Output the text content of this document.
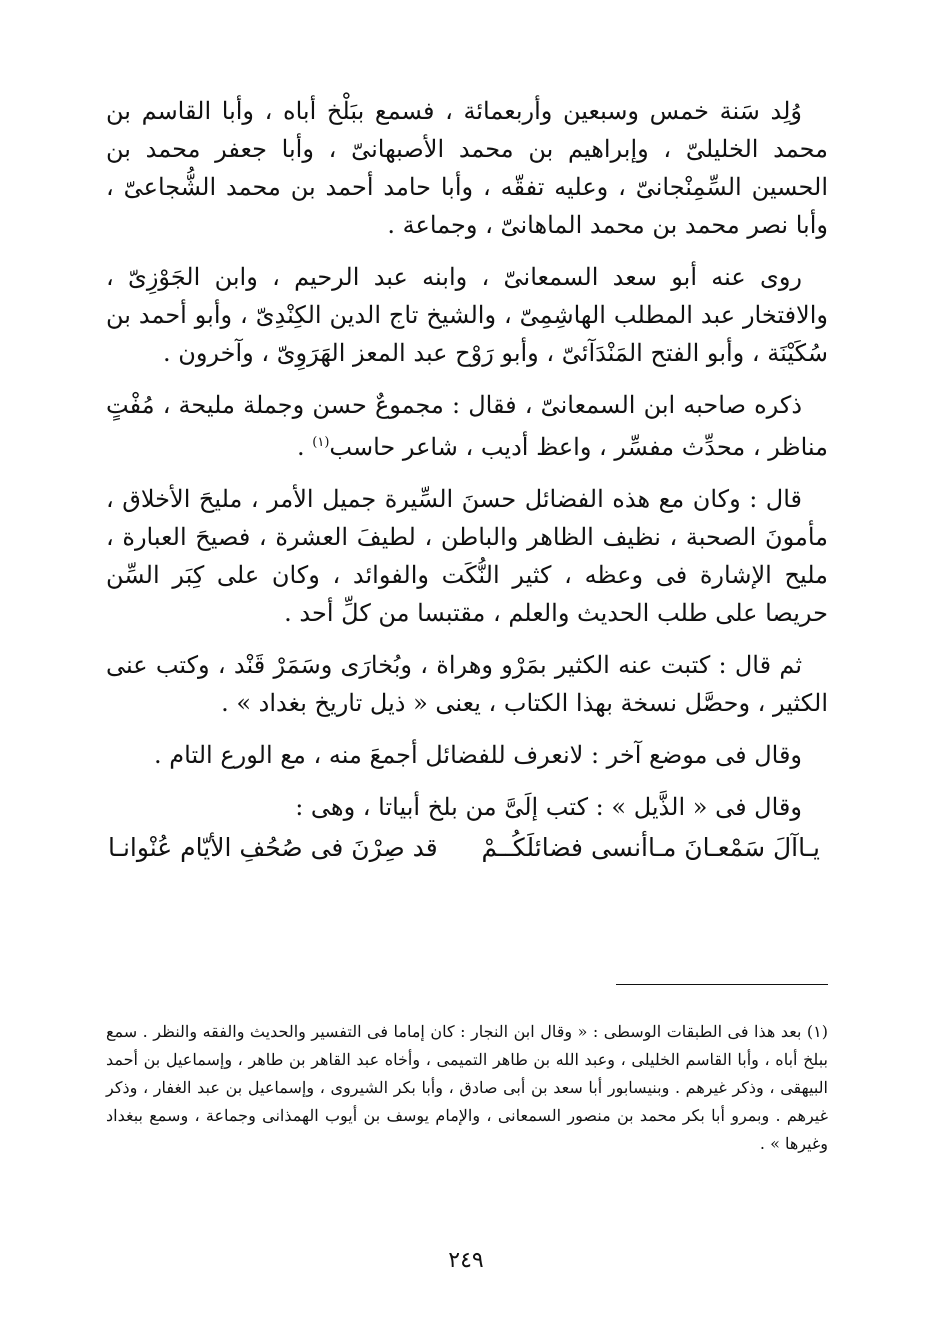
وُلِد سَنة خمس وسبعين وأربعمائة ، فسمع ببَلْخ أباه ، وأبا القاسم بن محمد الخليلىّ ، وإبراهيم بن محمد الأصبهانىّ ، وأبا جعفر محمد بن الحسين السِّمِنْجانىّ ، وعليه تفقّه ، وأبا حامد أحمد بن محمد الشُّجاعىّ ، وأبا نصر محمد بن محمد الماهانىّ ، وجماعة .

روى عنه أبو سعد السمعانىّ ، وابنه عبد الرحيم ، وابن الجَوْزِىّ ، والافتخار عبد المطلب الهاشِمِىّ ، والشيخ تاج الدين الكِنْدِىّ ، وأبو أحمد بن سُكَيْنَة ، وأبو الفتح المَنْدَآئىّ ، وأبو رَوْح عبد المعز الهَرَوِىّ ، وآخرون .

ذكره صاحبه ابن السمعانىّ ، فقال : مجموعٌ حسن وجملة مليحة ، مُفْتٍ مناظر ، محدِّث مفسِّر ، واعظ أديب ، شاعر حاسب$^{(١)}$ .

قال : وكان مع هذه الفضائل حسنَ السِّيرة جميل الأمر ، مليحَ الأخلاق ، مأمونَ الصحبة ، نظيف الظاهر والباطن ، لطيفَ العشرة ، فصيحَ العبارة ، مليح الإشارة فى وعظه ، كثير النُّكَت والفوائد ، وكان على كِبَر السِّن حريصا على طلب الحديث والعلم ، مقتبسا من كلِّ أحد .

ثم قال : كتبت عنه الكثير بمَرْو وهراة ، وبُخارَى وسَمَرْ قَنْد ، وكتب عنى الكثير ، وحصَّل نسخة بهذا الكتاب ، يعنى « ذيل تاريخ بغداد » .

وقال فى موضع آخر : لانعرف للفضائل أجمعَ منه ، مع الورع التام .

وقال فى « الذَّيل » : كتب إلَىَّ من بلخ أبياتا ، وهى :

يـاآلَ سَمْعـانَ مـاأنسى فضائلَكُــمْ
قد صِرْنَ فى صُحُفِ الأيّام عُنْوانـا

(١) بعد هذا فى الطبقات الوسطى : « وقال ابن النجار : كان إماما فى التفسير والحديث والفقه والنظر . سمع ببلخ أباه ، وأبا القاسم الخليلى ، وعبد الله بن طاهر التميمى ، وأخاه عبد القاهر بن طاهر ، وإسماعيل بن أحمد البيهقى ، وذكر غيرهم . وبنيسابور أبا سعد بن أبى صادق ، وأبا بكر الشيروى ، وإسماعيل بن عبد الغفار ، وذكر غيرهم . وبمرو أبا بكر محمد بن منصور السمعانى ، والإمام يوسف بن أيوب الهمذانى وجماعة ، وسمع ببغداد وغيرها » .

٢٤٩
